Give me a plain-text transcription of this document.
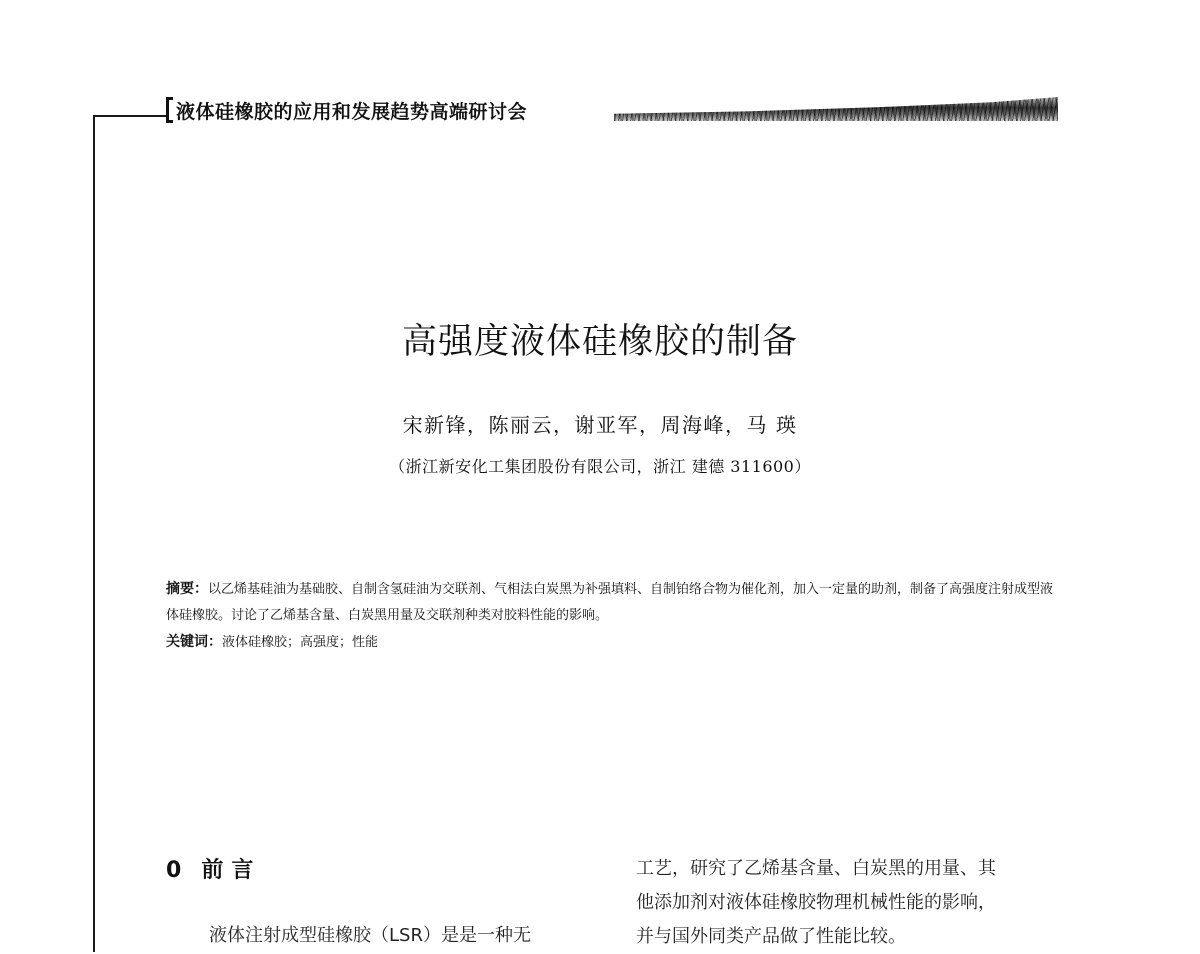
液体硅橡胶的应用和发展趋势高端研讨会
高强度液体硅橡胶的制备
宋新锋，陈丽云，谢亚军，周海峰，马 瑛
（浙江新安化工集团股份有限公司，浙江 建德 311600）

摘要：以乙烯基硅油为基础胶、自制含氢硅油为交联剂、气相法白炭黑为补强填料、自制铂络合物为催化剂，加入一定量的助剂，制备了高强度注射成型液体硅橡胶。讨论了乙烯基含量、白炭黑用量及交联剂种类对胶料性能的影响。

关键词：液体硅橡胶；高强度；性能

0 前言
液体注射成型硅橡胶（LSR）是是一种无
工艺，研究了乙烯基含量、白炭黑的用量、其
他添加剂对液体硅橡胶物理机械性能的影响，
并与国外同类产品做了性能比较。
